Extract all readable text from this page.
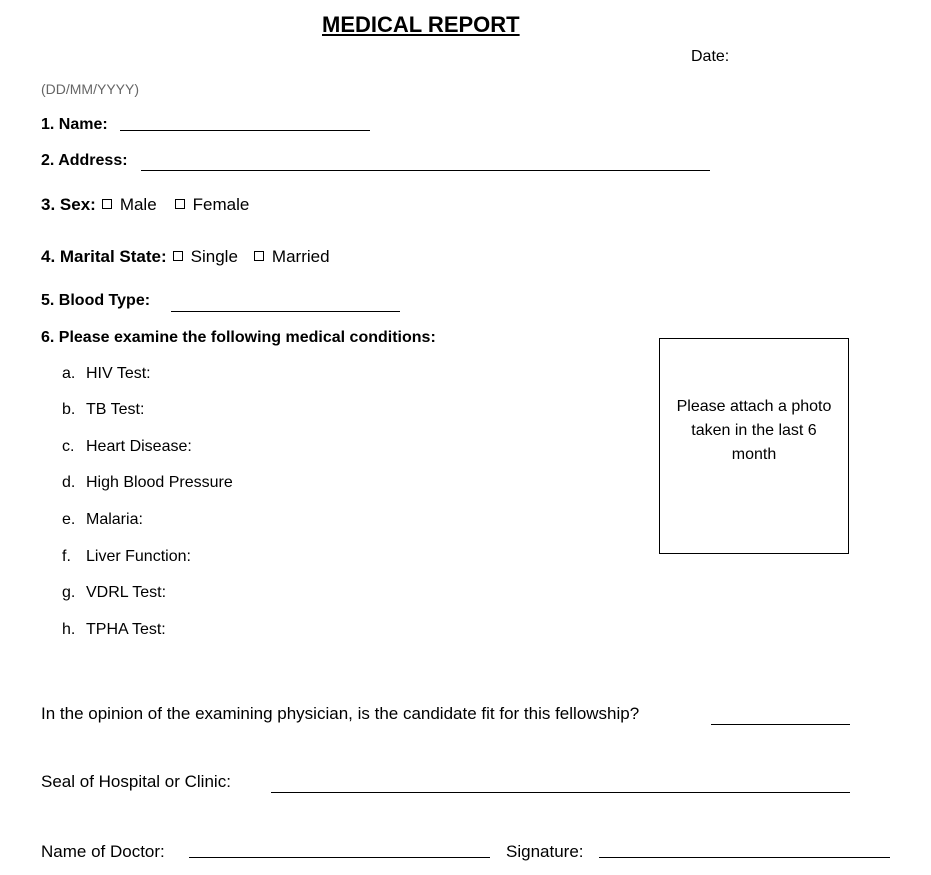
MEDICAL REPORT
Date:
(DD/MM/YYYY)
1. Name:
2. Address:
3. Sex: Male Female
4. Marital State: Single Married
5. Blood Type:
6. Please examine the following medical conditions:
a. HIV Test:
b. TB Test:
c. Heart Disease:
d. High Blood Pressure
e. Malaria:
f. Liver Function:
g. VDRL Test:
h. TPHA Test:
Please attach a photo taken in the last 6 month
In the opinion of the examining physician, is the candidate fit for this fellowship?
Seal of Hospital or Clinic:
Name of Doctor:	Signature:
